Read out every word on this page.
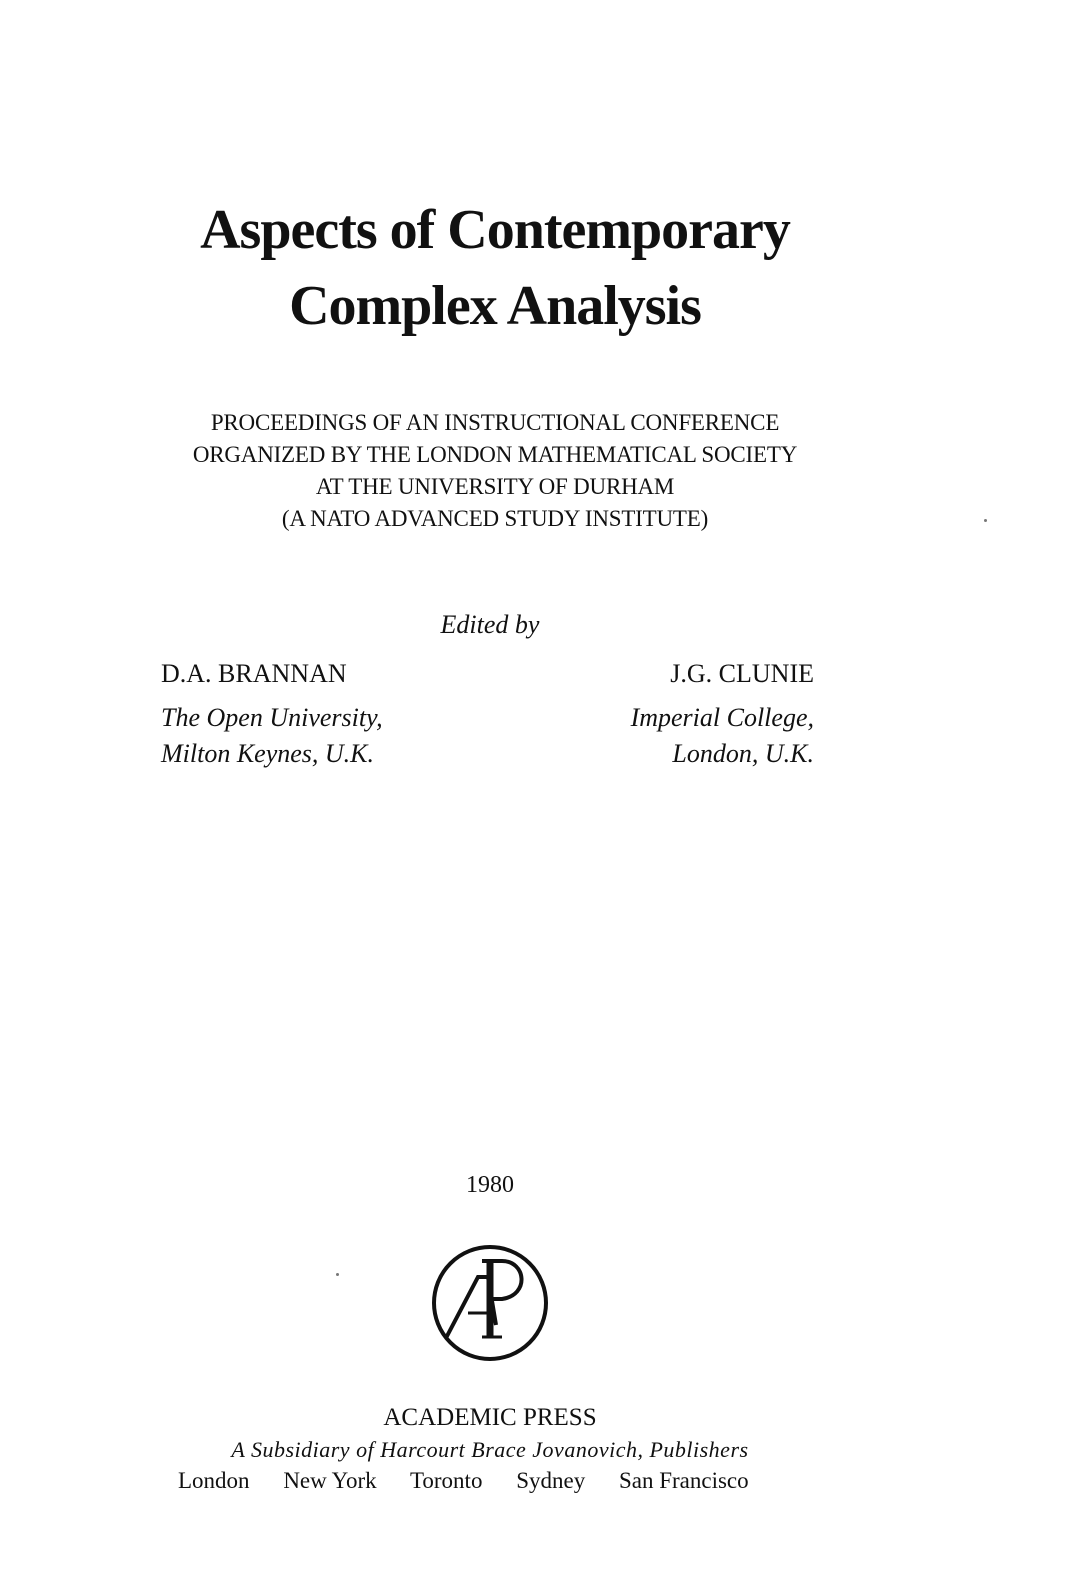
Aspects of Contemporary
Complex Analysis
PROCEEDINGS OF AN INSTRUCTIONAL CONFERENCE
ORGANIZED BY THE LONDON MATHEMATICAL SOCIETY
AT THE UNIVERSITY OF DURHAM
(A NATO ADVANCED STUDY INSTITUTE)
Edited by
D.A. BRANNAN
The Open University,
Milton Keynes, U.K.
J.G. CLUNIE
Imperial College,
London, U.K.
1980
ACADEMIC PRESS
A Subsidiary of Harcourt Brace Jovanovich, Publishers
London New York Toronto Sydney San Francisco
